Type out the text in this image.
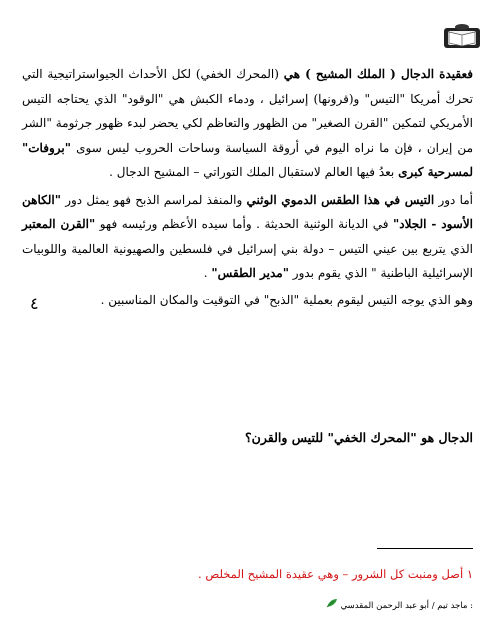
فعقيدة الدجال ( الملك المشيح ) هي (المحرك الخفي) لكل الأحداث الجيواستراتيجية التي تحرك أمريكا "التيس" و(قرونها) إسرائيل ، ودماء الكبش هي "الوقود" الذي يحتاجه التيس الأمريكي لتمكين "القرن الصغير" من الظهور والتعاظم لكي يحضر لبدء ظهور جرثومة "الشر من إيران ، فإن ما نراه اليوم في أروقة السياسة وساحات الحروب ليس سوى "بروفات" لمسرحية كبرى بعدُ فيها العالم لاستقبال الملك التوراتي – المشيح الدجال .

أما دور التيس في هذا الطقس الدموي الوثني والمنفذ لمراسم الذبح فهو يمثل دور "الكاهن الأسود - الجلاد" في الديانة الوثنية الحديثة . وأما سيده الأعظم ورئيسه فهو "القرن المعتبر الذي يتربع بين عيني التيس – دولة بني إسرائيل في فلسطين والصهيونية العالمية واللوبيات الإسرائيلية الباطنية " الذي يقوم بدور "مدير الطقس" .

وهو الذي يوجه التيس ليقوم بعملية "الذبح" في التوقيت والمكان المناسبين .

٤
الدجال هو "المحرك الخفي" للتيس والقرن؟
١ أصل ومنبت كل الشرور – وهي عقيدة المشيح المخلص .
: ماجد تيم / أبو عبد الرحمن المقدسي
